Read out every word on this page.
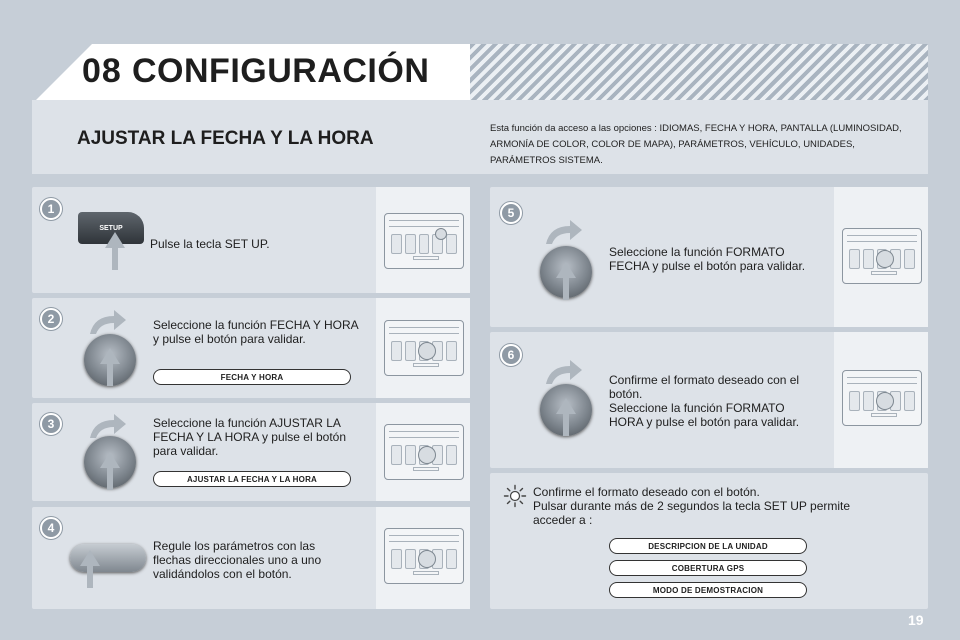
08 CONFIGURACIÓN
AJUSTAR LA FECHA Y LA HORA	Esta función da acceso a las opciones : IDIOMAS, FECHA Y HORA, PANTALLA (LUMINOSIDAD, ARMONÍA DE COLOR, COLOR DE MAPA), PARÁMETROS, VEHÍCULO, UNIDADES, PARÁMETROS SISTEMA.
1
SETUP
Pulse la tecla SET UP.
2	Seleccione la función FECHA Y HORA y pulse el botón para validar.
FECHA Y HORA
3	Seleccione la función AJUSTAR LA FECHA Y LA HORA y pulse el botón para validar.
AJUSTAR LA FECHA Y LA HORA
4
Regule los parámetros con las flechas direccionales uno a uno validándolos con el botón.
5
Seleccione la función FORMATO FECHA y pulse el botón para validar.
6
Confirme el formato deseado con el botón.
Seleccione la función FORMATO HORA y pulse el botón para validar.
Confirme el formato deseado con el botón.
Pulsar durante más de 2 segundos la tecla SET UP permite acceder a :
DESCRIPCION DE LA UNIDAD
COBERTURA GPS
MODO DE DEMOSTRACION
19
